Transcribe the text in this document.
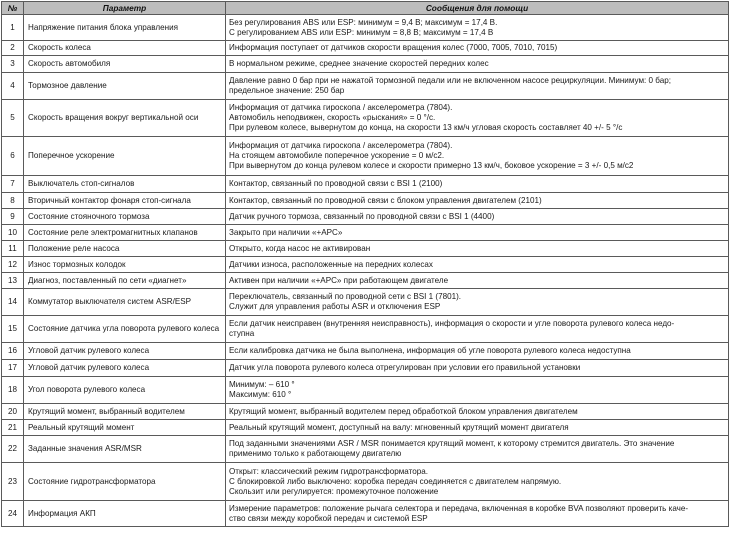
№	Параметр	Сообщения для помощи
1	Напряжение питания блока управления	Без регулирования ABS или ESP: минимум = 9,4 В; максимум = 17,4 В.
С регулированием ABS или ESP: минимум = 8,8 В; максимум = 17,4 В
2	Скорость колеса	Информация поступает от датчиков скорости вращения колес (7000, 7005, 7010, 7015)
3	Скорость автомобиля	В нормальном режиме, среднее значение скоростей передних колес
4	Тормозное давление	Давление равно 0 бар при не нажатой тормозной педали или не включенном насосе рециркуляции. Минимум: 0 бар;
предельное значение: 250 бар
5	Скорость вращения вокруг вертикальной оси	Информация от датчика гироскопа / акселерометра (7804).
Автомобиль неподвижен, скорость «рыскания» = 0 °/с.
При рулевом колесе, вывернутом до конца, на скорости 13 км/ч угловая скорость составляет 40 +/- 5 °/с
6	Поперечное ускорение	Информация от датчика гироскопа / акселерометра (7804).
На стоящем автомобиле поперечное ускорение = 0 м/с2.
При вывернутом до конца рулевом колесе и скорости примерно 13 км/ч, боковое ускорение = 3 +/- 0,5 м/с2
7	Выключатель стоп-сигналов	Контактор, связанный по проводной связи с BSI 1 (2100)
8	Вторичный контактор фонаря стоп-сигнала	Контактор, связанный по проводной связи с блоком управления двигателем (2101)
9	Состояние стояночного тормоза	Датчик ручного тормоза, связанный по проводной связи с BSI 1 (4400)
10	Состояние реле электромагнитных клапанов	Закрыто при наличии «+APC»
11	Положение реле насоса	Открыто, когда насос не активирован
12	Износ тормозных колодок	Датчики износа, расположенные на передних колесах
13	Диагноз, поставленный по сети «диагнет»	Активен при наличии «+APC» при работающем двигателе
14	Коммутатор выключателя систем ASR/ESP	Переключатель, связанный по проводной сети с BSI 1 (7801).
Служит для управления работы ASR и отключения ESP
15	Состояние датчика угла поворота рулевого колеса	Если датчик неисправен (внутренняя неисправность), информация о скорости и угле поворота рулевого колеса недо-
ступна
16	Угловой датчик рулевого колеса	Если калибровка датчика не была выполнена, информация об угле поворота рулевого колеса недоступна
17	Угловой датчик рулевого колеса	Датчик угла поворота рулевого колеса отрегулирован при условии его правильной установки
18	Угол поворота рулевого колеса	Минимум: – 610 °
Максимум: 610 °
20	Крутящий момент, выбранный водителем	Крутящий момент, выбранный водителем перед обработкой блоком управления двигателем
21	Реальный крутящий момент	Реальный крутящий момент, доступный на валу: мгновенный крутящий момент двигателя
22	Заданные значения ASR/MSR	Под заданными значениями ASR / MSR понимается крутящий момент, к которому стремится двигатель. Это значение
применимо только к работающему двигателю
23	Состояние гидротрансформатора	Открыт: классический режим гидротрансформатора.
С блокировкой либо выключено: коробка передач соединяется с двигателем напрямую.
Скользит или регулируется: промежуточное положение
24	Информация АКП	Измерение параметров: положение рычага селектора и передача, включенная в коробке BVA позволяют проверить каче-
ство связи между коробкой передач и системой ESP
